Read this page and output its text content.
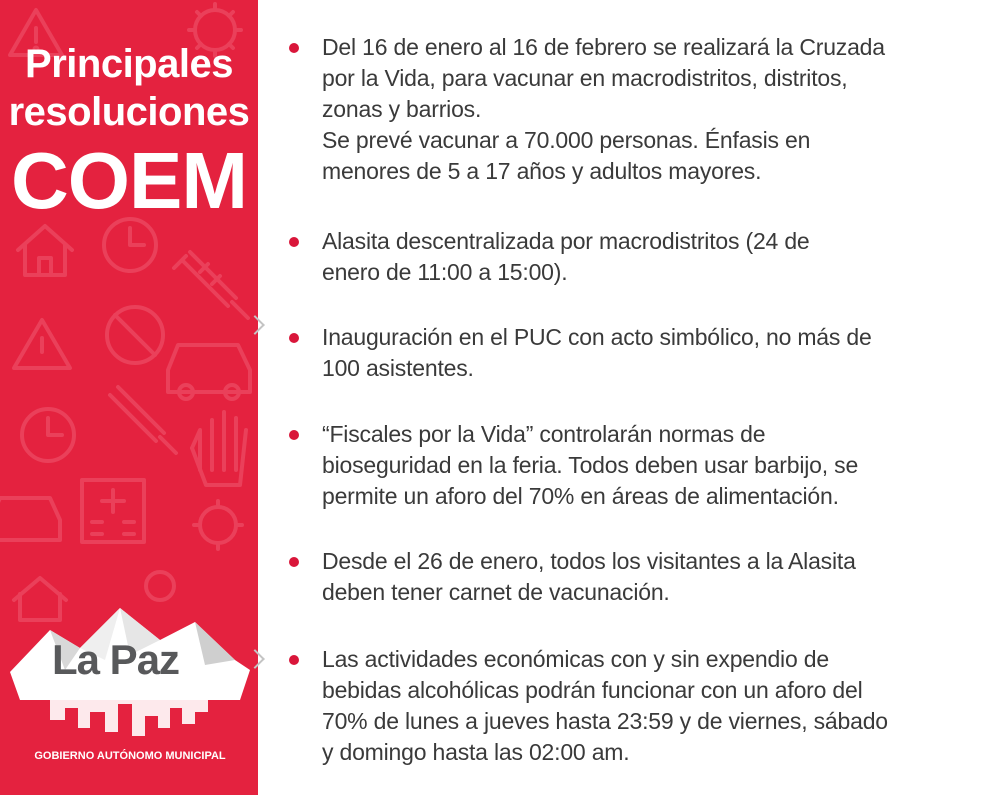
Principales
resoluciones
COEM
La Paz
ciudadenmovimiento
GOBIERNO AUTÓNOMO MUNICIPAL
Del 16 de enero al 16 de febrero se realizará la Cruzada
por la Vida, para vacunar en macrodistritos, distritos,
zonas y barrios.
Se prevé vacunar a 70.000 personas. Énfasis en
menores de 5 a 17 años y adultos mayores.
Alasita descentralizada por macrodistritos (24 de
enero de 11:00 a 15:00).
Inauguración en el PUC con acto simbólico, no más de
100 asistentes.
“Fiscales por la Vida” controlarán normas de
bioseguridad en la feria. Todos deben usar barbijo, se
permite un aforo del 70% en áreas de alimentación.
Desde el 26 de enero, todos los visitantes a la Alasita
deben tener carnet de vacunación.
Las actividades económicas con y sin expendio de
bebidas alcohólicas podrán funcionar con un aforo del
70% de lunes a jueves hasta 23:59 y de viernes, sábado
y domingo hasta las 02:00 am.
